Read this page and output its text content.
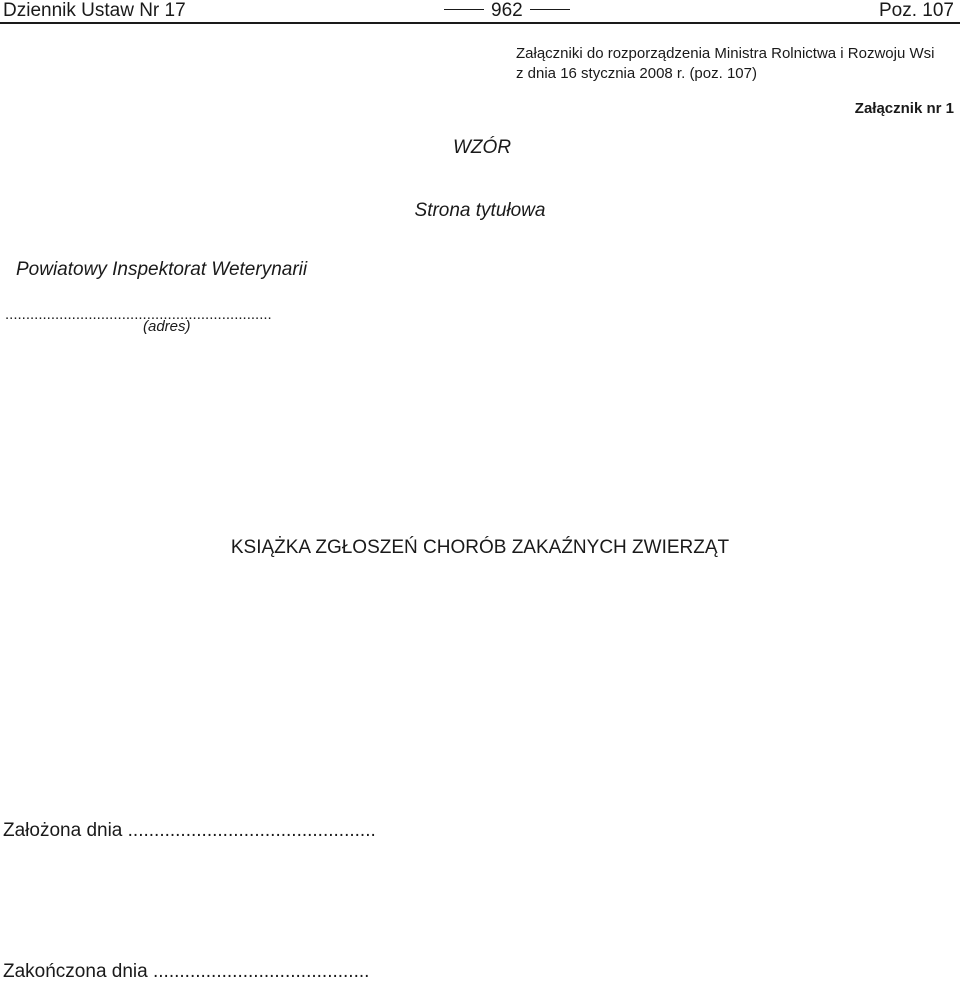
Dziennik Ustaw Nr 17	962	Poz. 107
Załączniki do rozporządzenia Ministra Rolnictwa i Rozwoju Wsi
z dnia 16 stycznia 2008 r. (poz. 107)
Załącznik nr 1
WZÓR
Strona tytułowa
Powiatowy Inspektorat Weterynarii
................................................................
(adres)
KSIĄŻKA ZGŁOSZEŃ CHORÓB ZAKAŹNYCH ZWIERZĄT
Założona dnia ...............................................
Zakończona dnia .........................................
